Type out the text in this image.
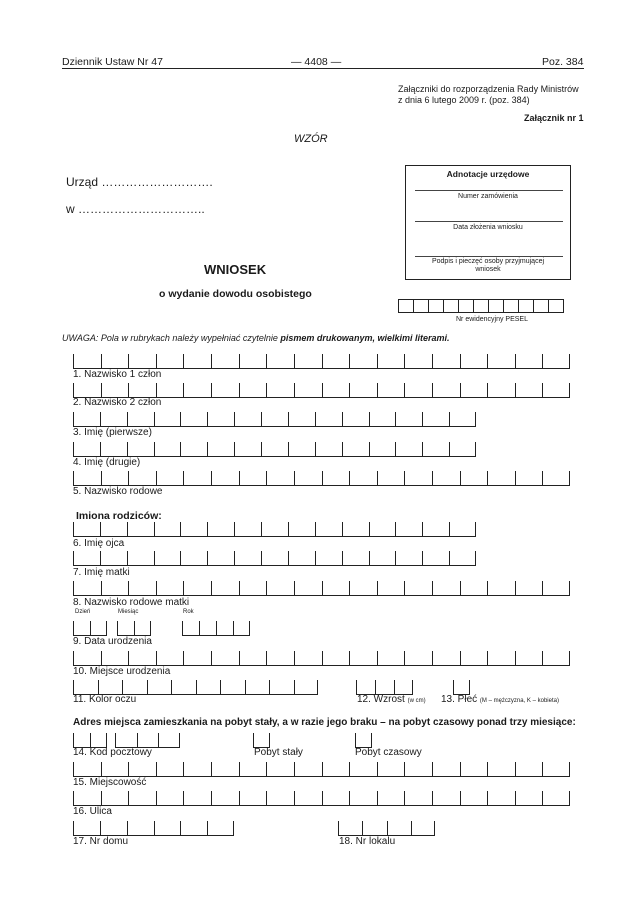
Dziennik Ustaw Nr 47	— 4408 —	Poz. 384
Załączniki do rozporządzenia Rady Ministrów
z dnia 6 lutego 2009 r. (poz. 384)
Załącznik nr 1
WZÓR
Urząd ……………………….
w …………………………..
Adnotacje urzędowe
Numer zamówienia
Data złożenia wniosku
Podpis i pieczęć osoby przyjmującej
wniosek
WNIOSEK
o wydanie dowodu osobistego
Nr ewidencyjny PESEL
UWAGA: Pola w rubrykach należy wypełniać czytelnie pismem drukowanym, wielkimi literami.
1. Nazwisko 1 człon
2. Nazwisko 2 człon
3. Imię (pierwsze)
4. Imię (drugie)
5. Nazwisko rodowe
Imiona rodziców:
6. Imię ojca
7. Imię matki
8. Nazwisko rodowe matki
Dzień	Miesiąc	Rok
9. Data urodzenia
10. Miejsce urodzenia
11. Kolor oczu	12. Wzrost (w cm) 13. Płeć (M – mężczyzna, K – kobieta)
Adres miejsca zamieszkania na pobyt stały, a w razie jego braku – na pobyt czasowy ponad trzy miesiące:
14. Kod pocztowy	Pobyt stały	Pobyt czasowy
15. Miejscowość
16. Ulica
17. Nr domu	18. Nr lokalu
